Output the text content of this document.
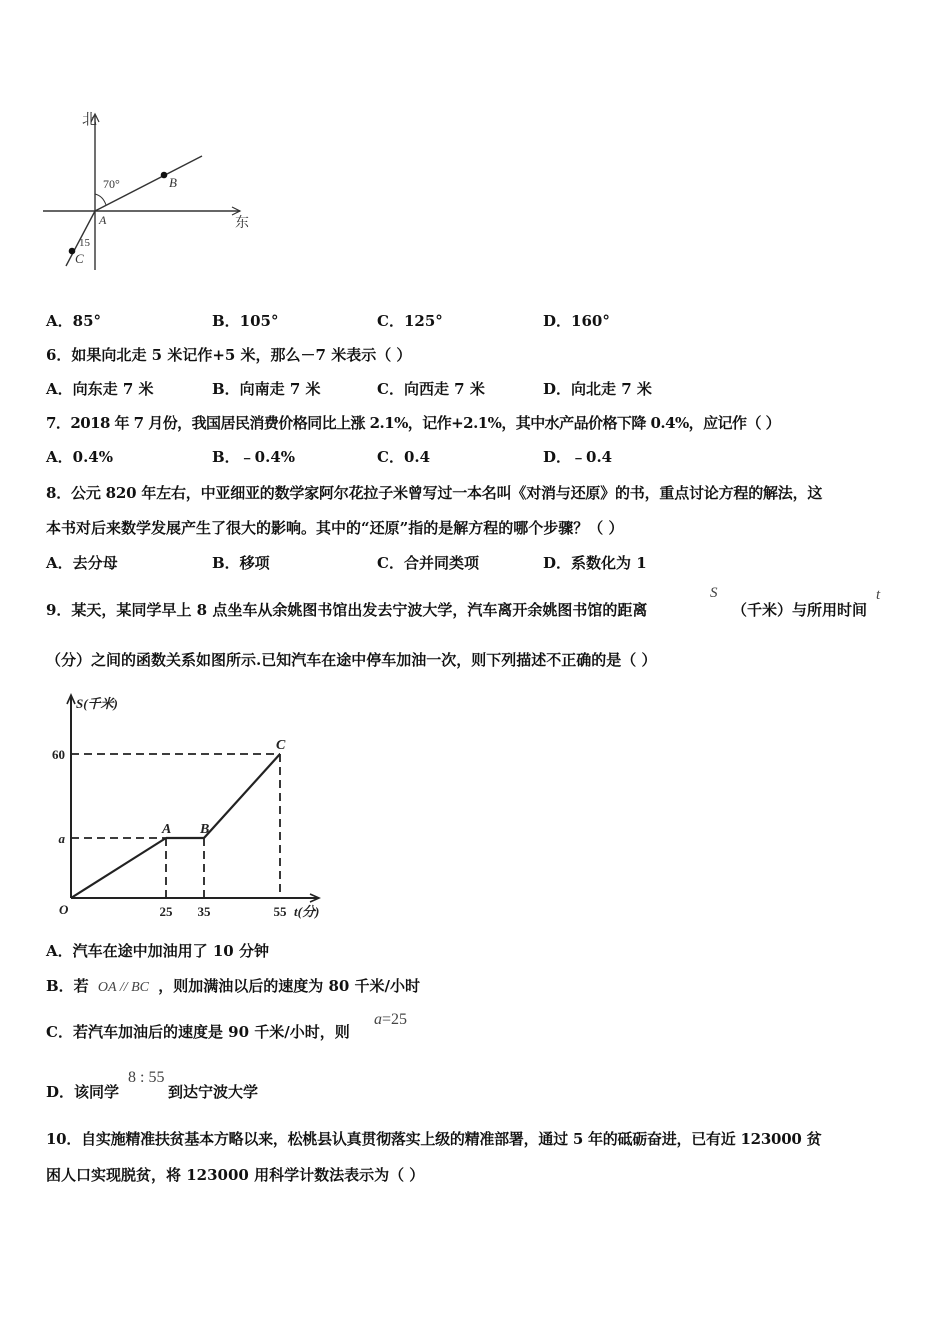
北
东
70°
15
A
B
C
A．85°	B．105°	C．125°	D．160°
6．如果向北走 5 米记作+5 米，那么－7 米表示（ ）
A．向东走 7 米	B．向南走 7 米	C．向西走 7 米	D．向北走 7 米
7．2018 年 7 月份，我国居民消费价格同比上涨 2.1%，记作+2.1%，其中水产品价格下降 0.4%，应记作（ ）
A．0.4%	B．﹣0.4%	C．0.4	D．﹣0.4
8．公元 820 年左右，中亚细亚的数学家阿尔花拉子米曾写过一本名叫《对消与还原》的书，重点讨论方程的解法，这
本书对后来数学发展产生了很大的影响。其中的“还原”指的是解方程的哪个步骤？（ ）
A．去分母	B．移项	C．合并同类项	D．系数化为 1
9．某天，某同学早上 8 点坐车从余姚图书馆出发去宁波大学，汽车离开余姚图书馆的距离
S
（千米）与所用时间
t
（分）之间的函数关系如图所示.已知汽车在途中停车加油一次，则下列描述不正确的是（ ）
S(千米)
t(分)
O
A B
C
25 35	55
60
a
A．汽车在途中加油用了 10 分钟
B．若 OA // BC ，则加满油以后的速度为 80 千米/小时
C．若汽车加油后的速度是 90 千米/小时，则
a=25
D．该同学
8 : 55
到达宁波大学
10．自实施精准扶贫基本方略以来，松桃县认真贯彻落实上级的精准部署，通过 5 年的砥砺奋进，已有近 123000 贫
困人口实现脱贫，将 123000 用科学计数法表示为（ ）
